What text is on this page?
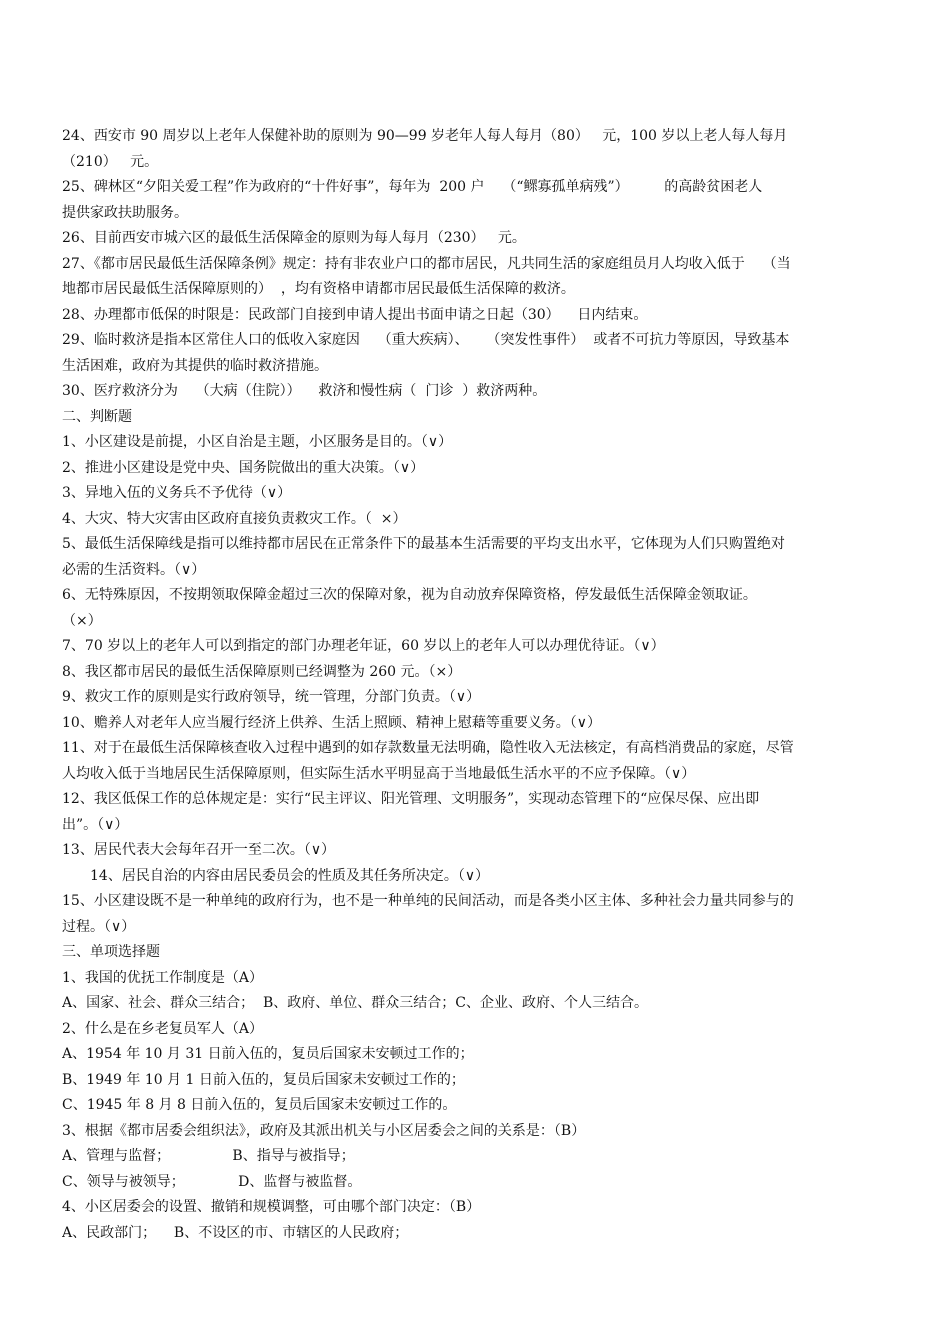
24、西安市 90 周岁以上老年人保健补助的原则为 90—99 岁老年人每人每月（80）   元，100 岁以上老人每人每月
（210）   元。
25、碑林区“夕阳关爱工程”作为政府的“十件好事”，每年为  200 户    （“鳏寡孤单病残”）        的高龄贫困老人
提供家政扶助服务。
26、目前西安市城六区的最低生活保障金的原则为每人每月（230）   元。
27、《都市居民最低生活保障条例》规定：持有非农业户口的都市居民，凡共同生活的家庭组员月人均收入低于    （当
地都市居民最低生活保障原则的）  ，均有资格申请都市居民最低生活保障的救济。
28、办理都市低保的时限是：民政部门自接到申请人提出书面申请之日起（30）    日内结束。
29、临时救济是指本区常住人口的低收入家庭因    （重大疾病）、    （突发性事件）  或者不可抗力等原因，导致基本
生活困难，政府为其提供的临时救济措施。
30、医疗救济分为    （大病（住院））    救济和慢性病（  门诊  ）救济两种。
二、判断题
1、小区建设是前提，小区自治是主题，小区服务是目的。（∨）
2、推进小区建设是党中央、国务院做出的重大决策。（∨）
3、异地入伍的义务兵不予优待（∨）
4、大灾、特大灾害由区政府直接负责救灾工作。（  ×）
5、最低生活保障线是指可以维持都市居民在正常条件下的最基本生活需要的平均支出水平，它体现为人们只购置绝对
必需的生活资料。（∨）
6、无特殊原因，不按期领取保障金超过三次的保障对象，视为自动放弃保障资格，停发最低生活保障金领取证。
（×）
7、70 岁以上的老年人可以到指定的部门办理老年证，60 岁以上的老年人可以办理优待证。（∨）
8、我区都市居民的最低生活保障原则已经调整为 260 元。（×）
9、救灾工作的原则是实行政府领导，统一管理，分部门负责。（∨）
10、赡养人对老年人应当履行经济上供养、生活上照顾、精神上慰藉等重要义务。（∨）
11、对于在最低生活保障核查收入过程中遇到的如存款数量无法明确，隐性收入无法核定，有高档消费品的家庭，尽管
人均收入低于当地居民生活保障原则，但实际生活水平明显高于当地最低生活水平的不应予保障。（∨）
12、我区低保工作的总体规定是：实行“民主评议、阳光管理、文明服务”，实现动态管理下的“应保尽保、应出即
出”。（∨）
13、居民代表大会每年召开一至二次。（∨）
14、居民自治的内容由居民委员会的性质及其任务所决定。（∨）
15、小区建设既不是一种单纯的政府行为，也不是一种单纯的民间活动，而是各类小区主体、多种社会力量共同参与的
过程。（∨）
三、单项选择题
1、我国的优抚工作制度是（A）
A、国家、社会、群众三结合；  B、政府、单位、群众三结合；C、企业、政府、个人三结合。
2、什么是在乡老复员军人（A）
A、1954 年 10 月 31 日前入伍的，复员后国家未安顿过工作的；
B、1949 年 10 月 1 日前入伍的，复员后国家未安顿过工作的；
C、1945 年 8 月 8 日前入伍的，复员后国家未安顿过工作的。
3、根据《都市居委会组织法》，政府及其派出机关与小区居委会之间的关系是：（B）
A、管理与监督；              B、指导与被指导；
C、领导与被领导；            D、监督与被监督。
4、小区居委会的设置、撤销和规模调整，可由哪个部门决定：（B）
A、民政部门；    B、不设区的市、市辖区的人民政府；
